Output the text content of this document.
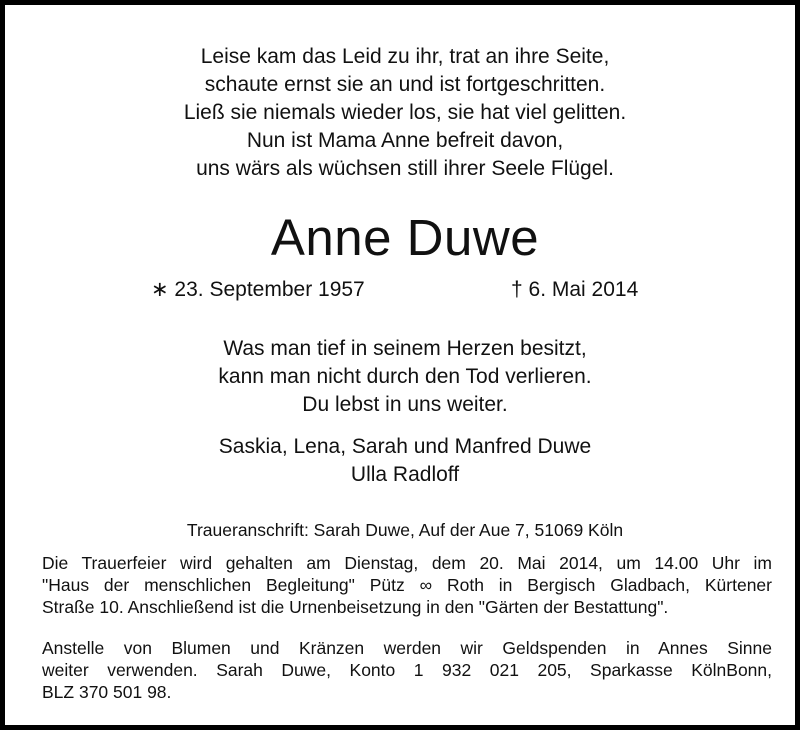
Leise kam das Leid zu ihr, trat an ihre Seite,
schaute ernst sie an und ist fortgeschritten.
Ließ sie niemals wieder los, sie hat viel gelitten.
Nun ist Mama Anne befreit davon,
uns wärs als wüchsen still ihrer Seele Flügel.
Anne Duwe
∗ 23. September 1957	† 6. Mai 2014
Was man tief in seinem Herzen besitzt,
kann man nicht durch den Tod verlieren.
Du lebst in uns weiter.
Saskia, Lena, Sarah und Manfred Duwe
Ulla Radloff
Traueranschrift: Sarah Duwe, Auf der Aue 7, 51069 Köln
Die Trauerfeier wird gehalten am Dienstag, dem 20. Mai 2014, um 14.00 Uhr im
"Haus der menschlichen Begleitung" Pütz ∞ Roth in Bergisch Gladbach, Kürtener
Straße 10. Anschließend ist die Urnenbeisetzung in den "Gärten der Bestattung".
Anstelle von Blumen und Kränzen werden wir Geldspenden in Annes Sinne
weiter verwenden. Sarah Duwe, Konto 1 932 021 205, Sparkasse KölnBonn,
BLZ 370 501 98.
